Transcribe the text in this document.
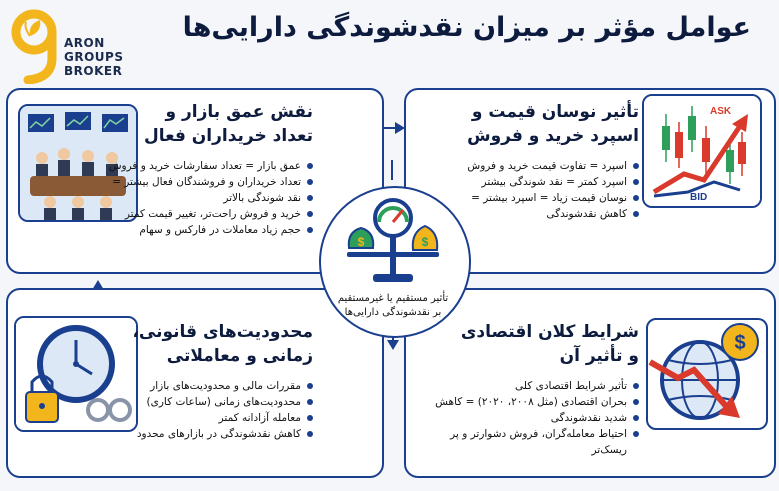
عوامل مؤثر بر میزان نقدشوندگی دارایی‌ها
ARON
GROUPS
BROKER
نقش عمق بازار و
تعداد خریداران فعال
عمق بازار = تعداد سفارشات خرید و فروش
تعداد خریداران و فروشندگان فعال بیشتر =
نقد شوندگی بالاتر
خرید و فروش راحت‌تر، تغییر قیمت کمتر
حجم زیاد معاملات در فارکس و سهام
ASK
BID
تأثیر نوسان قیمت و
اسپرد خرید و فروش
اسپرد = تفاوت قیمت خرید و فروش
اسپرد کمتر = نقد شوندگی بیشتر
نوسان قیمت زیاد = اسپرد بیشتر =
کاهش نقدشوندگی
محدودیت‌های قانونی،
زمانی و معاملاتی
مقررات مالی و محدودیت‌های بازار
محدودیت‌های زمانی (ساعات کاری)
معامله آزادانه کمتر
کاهش نقدشوندگی در بازارهای محدود
$
شرایط کلان اقتصادی
و تأثیر آن
تأثیر شرایط اقتصادی کلی
بحران اقتصادی (مثل ۲۰۰۸، ۲۰۲۰) = کاهش
شدید نقدشوندگی
احتیاط معامله‌گران، فروش دشوارتر و پر ریسک‌تر
$	$
تأثیر مستقیم یا غیرمستقیم
بر نقدشوندگی دارایی‌ها
